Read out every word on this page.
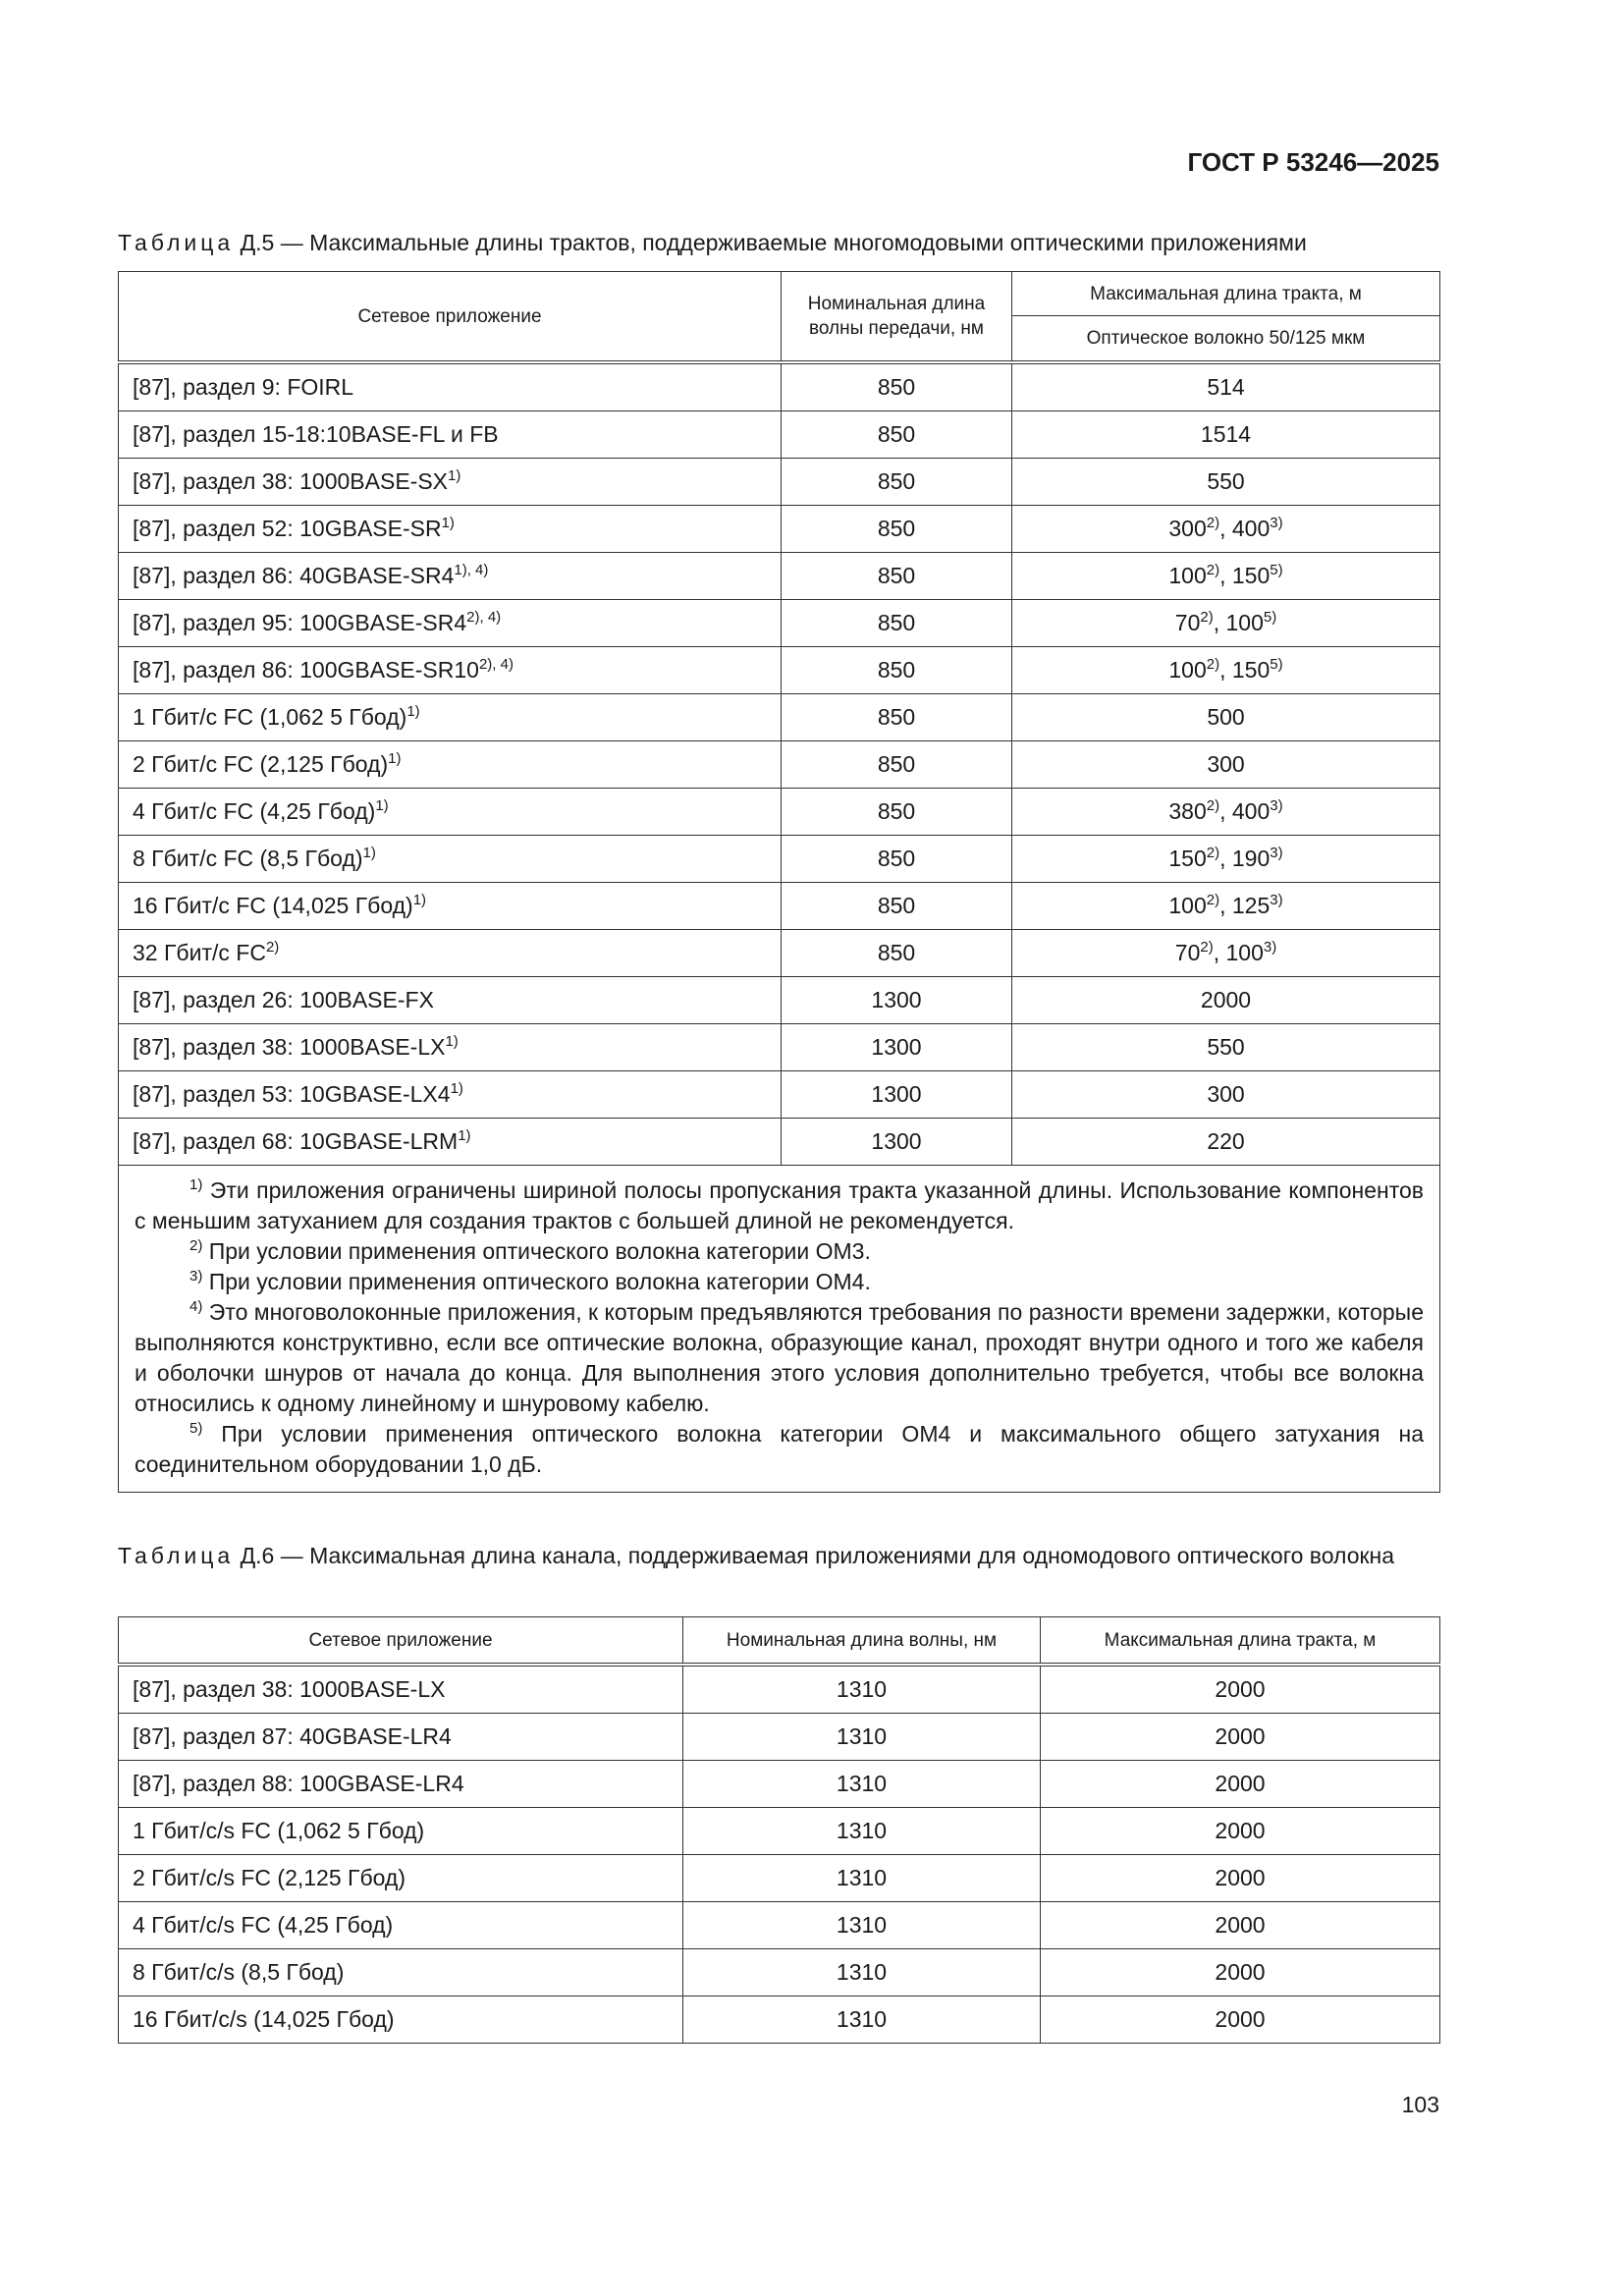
ГОСТ Р 53246—2025
Таблица Д.5 — Максимальные длины трактов, поддерживаемые многомодовыми оптическими приложениями
Сетевое приложение	Номинальная длина волны передачи, нм	Максимальная длина тракта, м
		Оптическое волокно 50/125 мкм
[87], раздел 9: FOIRL	850	514
[87], раздел 15-18:10BASE-FL и FB	850	1514
[87], раздел 38: 1000BASE-SX$^{1)}$	850	550
[87], раздел 52: 10GBASE-SR$^{1)}$	850	300$^{2)}$, 400$^{3)}$
[87], раздел 86: $40GBASE-SR4^{1), 4)}$	850	100$^{2)}$, 150$^{5)}$
[87], раздел 95: $100GBASE-SR4^{2), 4)}$	850	70$^{2)}$, 100$^{5)}$
[87], раздел 86: $100GBASE-SR10^{2), 4)}$	850	100$^{2)}$, 150$^{5)}$
1 Гбит/с FC (1,062 5 Гбод)$^{1)}$	850	500
2 Гбит/с FC (2,125 Гбод)$^{1)}$	850	300
4 Гбит/с FC (4,25 Гбод)$^{1)}$	850	380$^{2)}$, 400$^{3)}$
8 Гбит/с FC (8,5 Гбод)$^{1)}$	850	150$^{2)}$, 190$^{3)}$
16 Гбит/с FC (14,025 Гбод)$^{1)}$	850	100$^{2)}$, 125$^{3)}$
32 Гбит/с FC$^{2)}$	850	70$^{2)}$, 100$^{3)}$
[87], раздел 26: 100BASE-FX	1300	2000
[87], раздел 38: 1000BASE-LX$^{1)}$	1300	550
[87], раздел 53: 10GBASE-LX4$^{1)}$	1300	300
[87], раздел 68: 10GBASE-LRM$^{1)}$	1300	220

$^{1)}$ Эти приложения ограничены шириной полосы пропускания тракта указанной длины. Использование компонентов с меньшим затуханием для создания трактов с большей длиной не рекомендуется.

$^{2)}$ При условии применения оптического волокна категории ОМ3.

$^{3)}$ При условии применения оптического волокна категории ОМ4.

$^{4)}$ Это многоволоконные приложения, к которым предъявляются требования по разности времени задержки, которые выполняются конструктивно, если все оптические волокна, образующие канал, проходят внутри одного и того же кабеля и оболочки шнуров от начала до конца. Для выполнения этого условия дополнительно требуется, чтобы все волокна относились к одному линейному и шнуровому кабелю.

$^{5)}$ При условии применения оптического волокна категории ОМ4 и максимального общего затухания на соединительном оборудовании 1,0 дБ.		

Таблица Д.6 — Максимальная длина канала, поддерживаемая приложениями для одномодового оптического волокна
Сетевое приложение	Номинальная длина волны, нм	Максимальная длина тракта, м
[87], раздел 38: 1000BASE-LX	1310	2000
[87], раздел 87: 40GBASE-LR4	1310	2000
[87], раздел 88: 100GBASE-LR4	1310	2000
1 Гбит/c/s FC (1,062 5 Гбод)	1310	2000
2 Гбит/c/s FC (2,125 Гбод)	1310	2000
4 Гбит/c/s FC (4,25 Гбод)	1310	2000
8 Гбит/c/s (8,5 Гбод)	1310	2000
16 Гбит/c/s (14,025 Гбод)	1310	2000
103
